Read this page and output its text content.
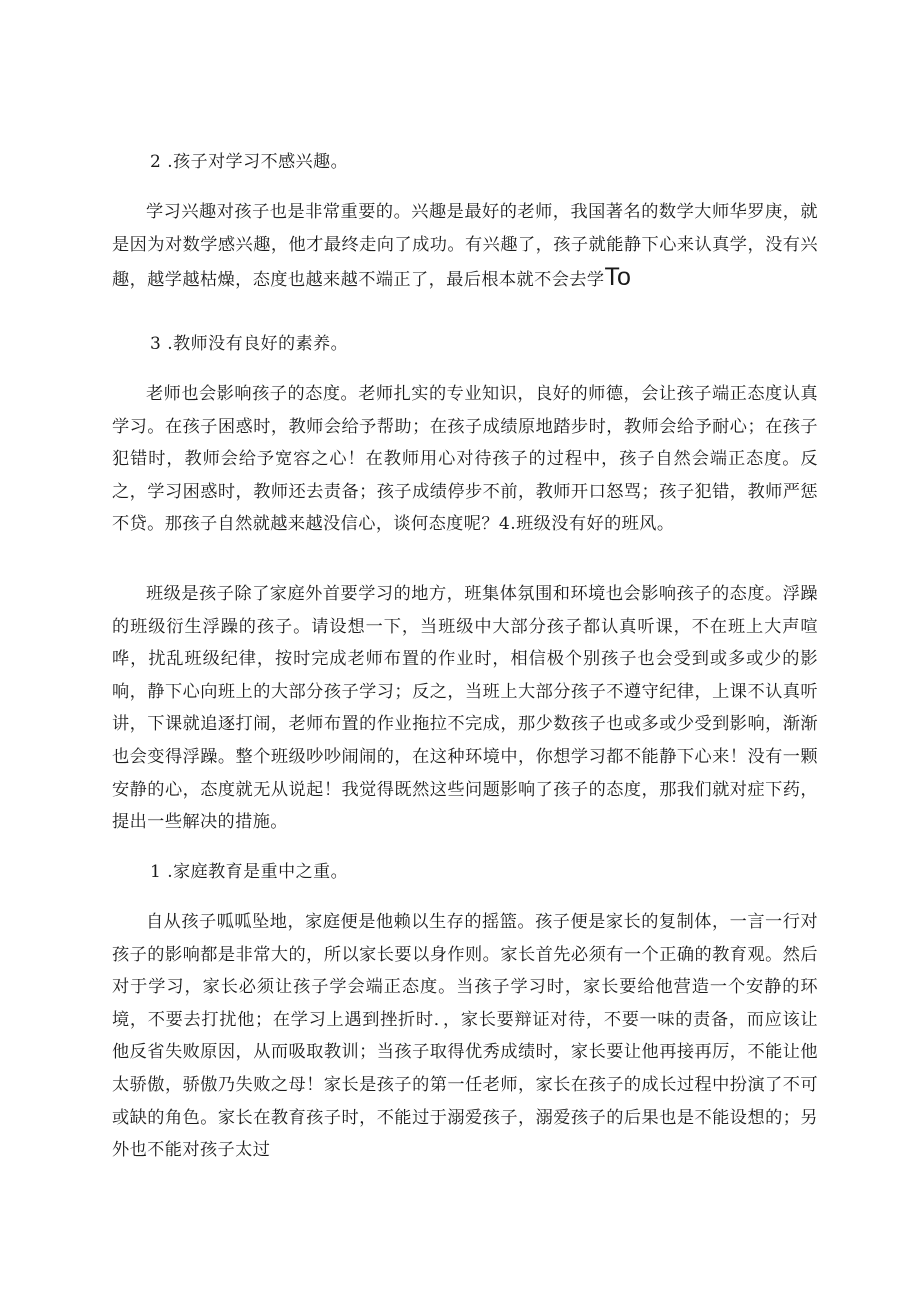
2 .孩子对学习不感兴趣。

学习兴趣对孩子也是非常重要的。兴趣是最好的老师，我国著名的数学大师华罗庚，就是因为对数学感兴趣，他才最终走向了成功。有兴趣了，孩子就能静下心来认真学，没有兴趣，越学越枯燥，态度也越来越不端正了，最后根本就不会去学To

3 .教师没有良好的素养。

老师也会影响孩子的态度。老师扎实的专业知识，良好的师德，会让孩子端正态度认真学习。在孩子困惑时，教师会给予帮助；在孩子成绩原地踏步时，教师会给予耐心；在孩子犯错时，教师会给予宽容之心！在教师用心对待孩子的过程中，孩子自然会端正态度。反之，学习困惑时，教师还去责备；孩子成绩停步不前，教师开口怒骂；孩子犯错，教师严惩不贷。那孩子自然就越来越没信心，谈何态度呢？4.班级没有好的班风。

班级是孩子除了家庭外首要学习的地方，班集体氛围和环境也会影响孩子的态度。浮躁的班级衍生浮躁的孩子。请设想一下，当班级中大部分孩子都认真听课，不在班上大声喧哗，扰乱班级纪律，按时完成老师布置的作业时，相信极个别孩子也会受到或多或少的影响，静下心向班上的大部分孩子学习；反之，当班上大部分孩子不遵守纪律，上课不认真听讲，下课就追逐打闹，老师布置的作业拖拉不完成，那少数孩子也或多或少受到影响，渐渐也会变得浮躁。整个班级吵吵闹闹的，在这种环境中，你想学习都不能静下心来！没有一颗安静的心，态度就无从说起！我觉得既然这些问题影响了孩子的态度，那我们就对症下药，提出一些解决的措施。

1 .家庭教育是重中之重。

自从孩子呱呱坠地，家庭便是他赖以生存的摇篮。孩子便是家长的复制体，一言一行对孩子的影响都是非常大的，所以家长要以身作则。家长首先必须有一个正确的教育观。然后对于学习，家长必须让孩子学会端正态度。当孩子学习时，家长要给他营造一个安静的环境，不要去打扰他；在学习上遇到挫折时．，家长要辩证对待，不要一味的责备，而应该让他反省失败原因，从而吸取教训；当孩子取得优秀成绩时，家长要让他再接再厉，不能让他太骄傲，骄傲乃失败之母！家长是孩子的第一任老师，家长在孩子的成长过程中扮演了不可或缺的角色。家长在教育孩子时，不能过于溺爱孩子，溺爱孩子的后果也是不能设想的；另外也不能对孩子太过
